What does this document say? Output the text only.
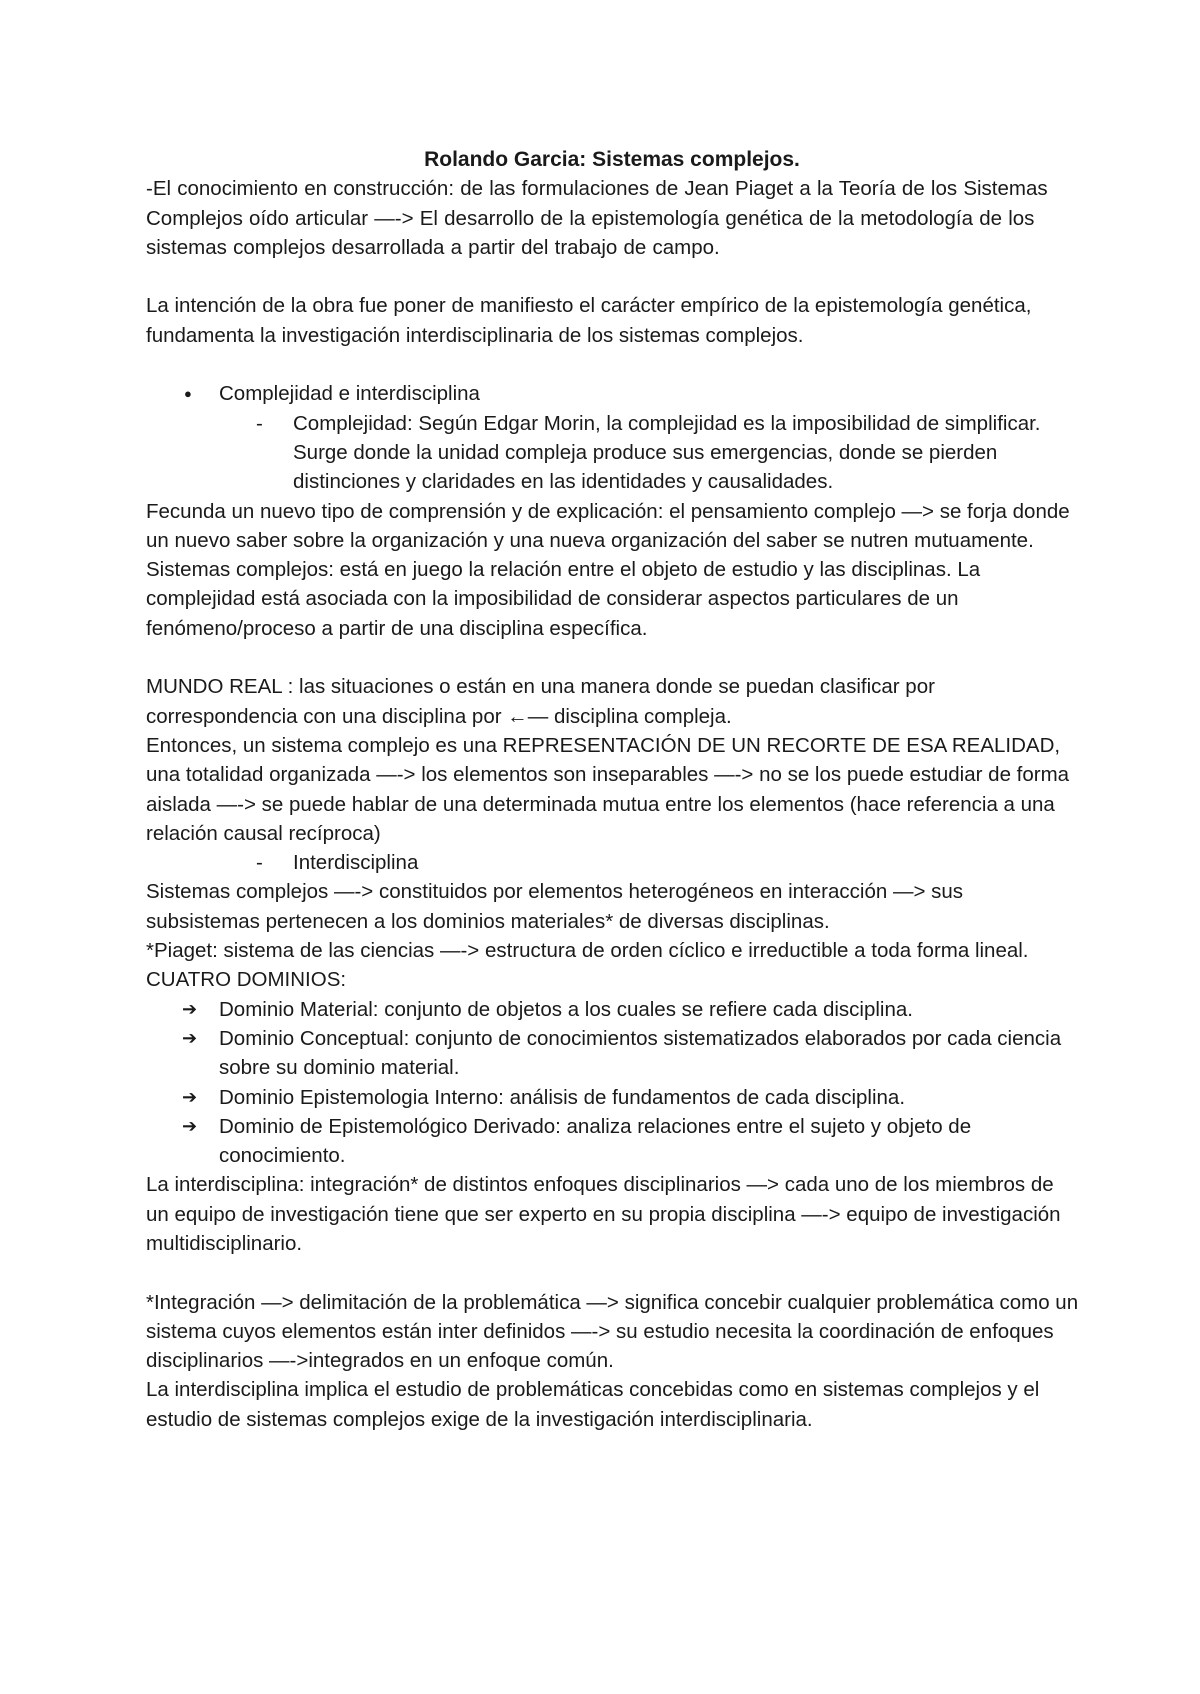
Rolando Garcia: Sistemas complejos.

-El conocimiento en construcción: de las formulaciones de Jean Piaget a la Teoría de los Sistemas Complejos oído articular —-> El desarrollo de la epistemología genética de la metodología de los sistemas complejos desarrollada a partir del trabajo de campo.

La intención de la obra fue poner de manifiesto el carácter empírico de la epistemología genética, fundamenta la investigación interdisciplinaria de los sistemas complejos.

● Complejidad e interdisciplina
- Complejidad: Según Edgar Morin, la complejidad es la imposibilidad de simplificar. Surge donde la unidad compleja produce sus emergencias, donde se pierden distinciones y claridades en las identidades y causalidades.

Fecunda un nuevo tipo de comprensión y de explicación: el pensamiento complejo —> se forja donde un nuevo saber sobre la organización y una nueva organización del saber se nutren mutuamente.

Sistemas complejos: está en juego la relación entre el objeto de estudio y las disciplinas. La complejidad está asociada con la imposibilidad de considerar aspectos particulares de un fenómeno/proceso a partir de una disciplina específica.

MUNDO REAL : las situaciones o están en una manera donde se puedan clasificar por correspondencia con una disciplina por ←— disciplina compleja.

Entonces, un sistema complejo es una REPRESENTACIÓN DE UN RECORTE DE ESA REALIDAD, una totalidad organizada —-> los elementos son inseparables —-> no se los puede estudiar de forma aislada —-> se puede hablar de una determinada mutua entre los elementos (hace referencia a una relación causal recíproca)

- Interdisciplina

Sistemas complejos —-> constituidos por elementos heterogéneos en interacción —> sus subsistemas pertenecen a los dominios materiales* de diversas disciplinas.

*Piaget: sistema de las ciencias —-> estructura de orden cíclico e irreductible a toda forma lineal. CUATRO DOMINIOS:

➔ Dominio Material: conjunto de objetos a los cuales se refiere cada disciplina.
➔ Dominio Conceptual: conjunto de conocimientos sistematizados elaborados por cada ciencia sobre su dominio material.
➔ Dominio Epistemologia Interno: análisis de fundamentos de cada disciplina.
➔ Dominio de Epistemológico Derivado: analiza relaciones entre el sujeto y objeto de conocimiento.

La interdisciplina: integración* de distintos enfoques disciplinarios —> cada uno de los miembros de un equipo de investigación tiene que ser experto en su propia disciplina —-> equipo de investigación multidisciplinario.

*Integración —> delimitación de la problemática —> significa concebir cualquier problemática como un sistema cuyos elementos están inter definidos —-> su estudio necesita la coordinación de enfoques disciplinarios —->integrados en un enfoque común.

La interdisciplina implica el estudio de problemáticas concebidas como en sistemas complejos y el estudio de sistemas complejos exige de la investigación interdisciplinaria.
